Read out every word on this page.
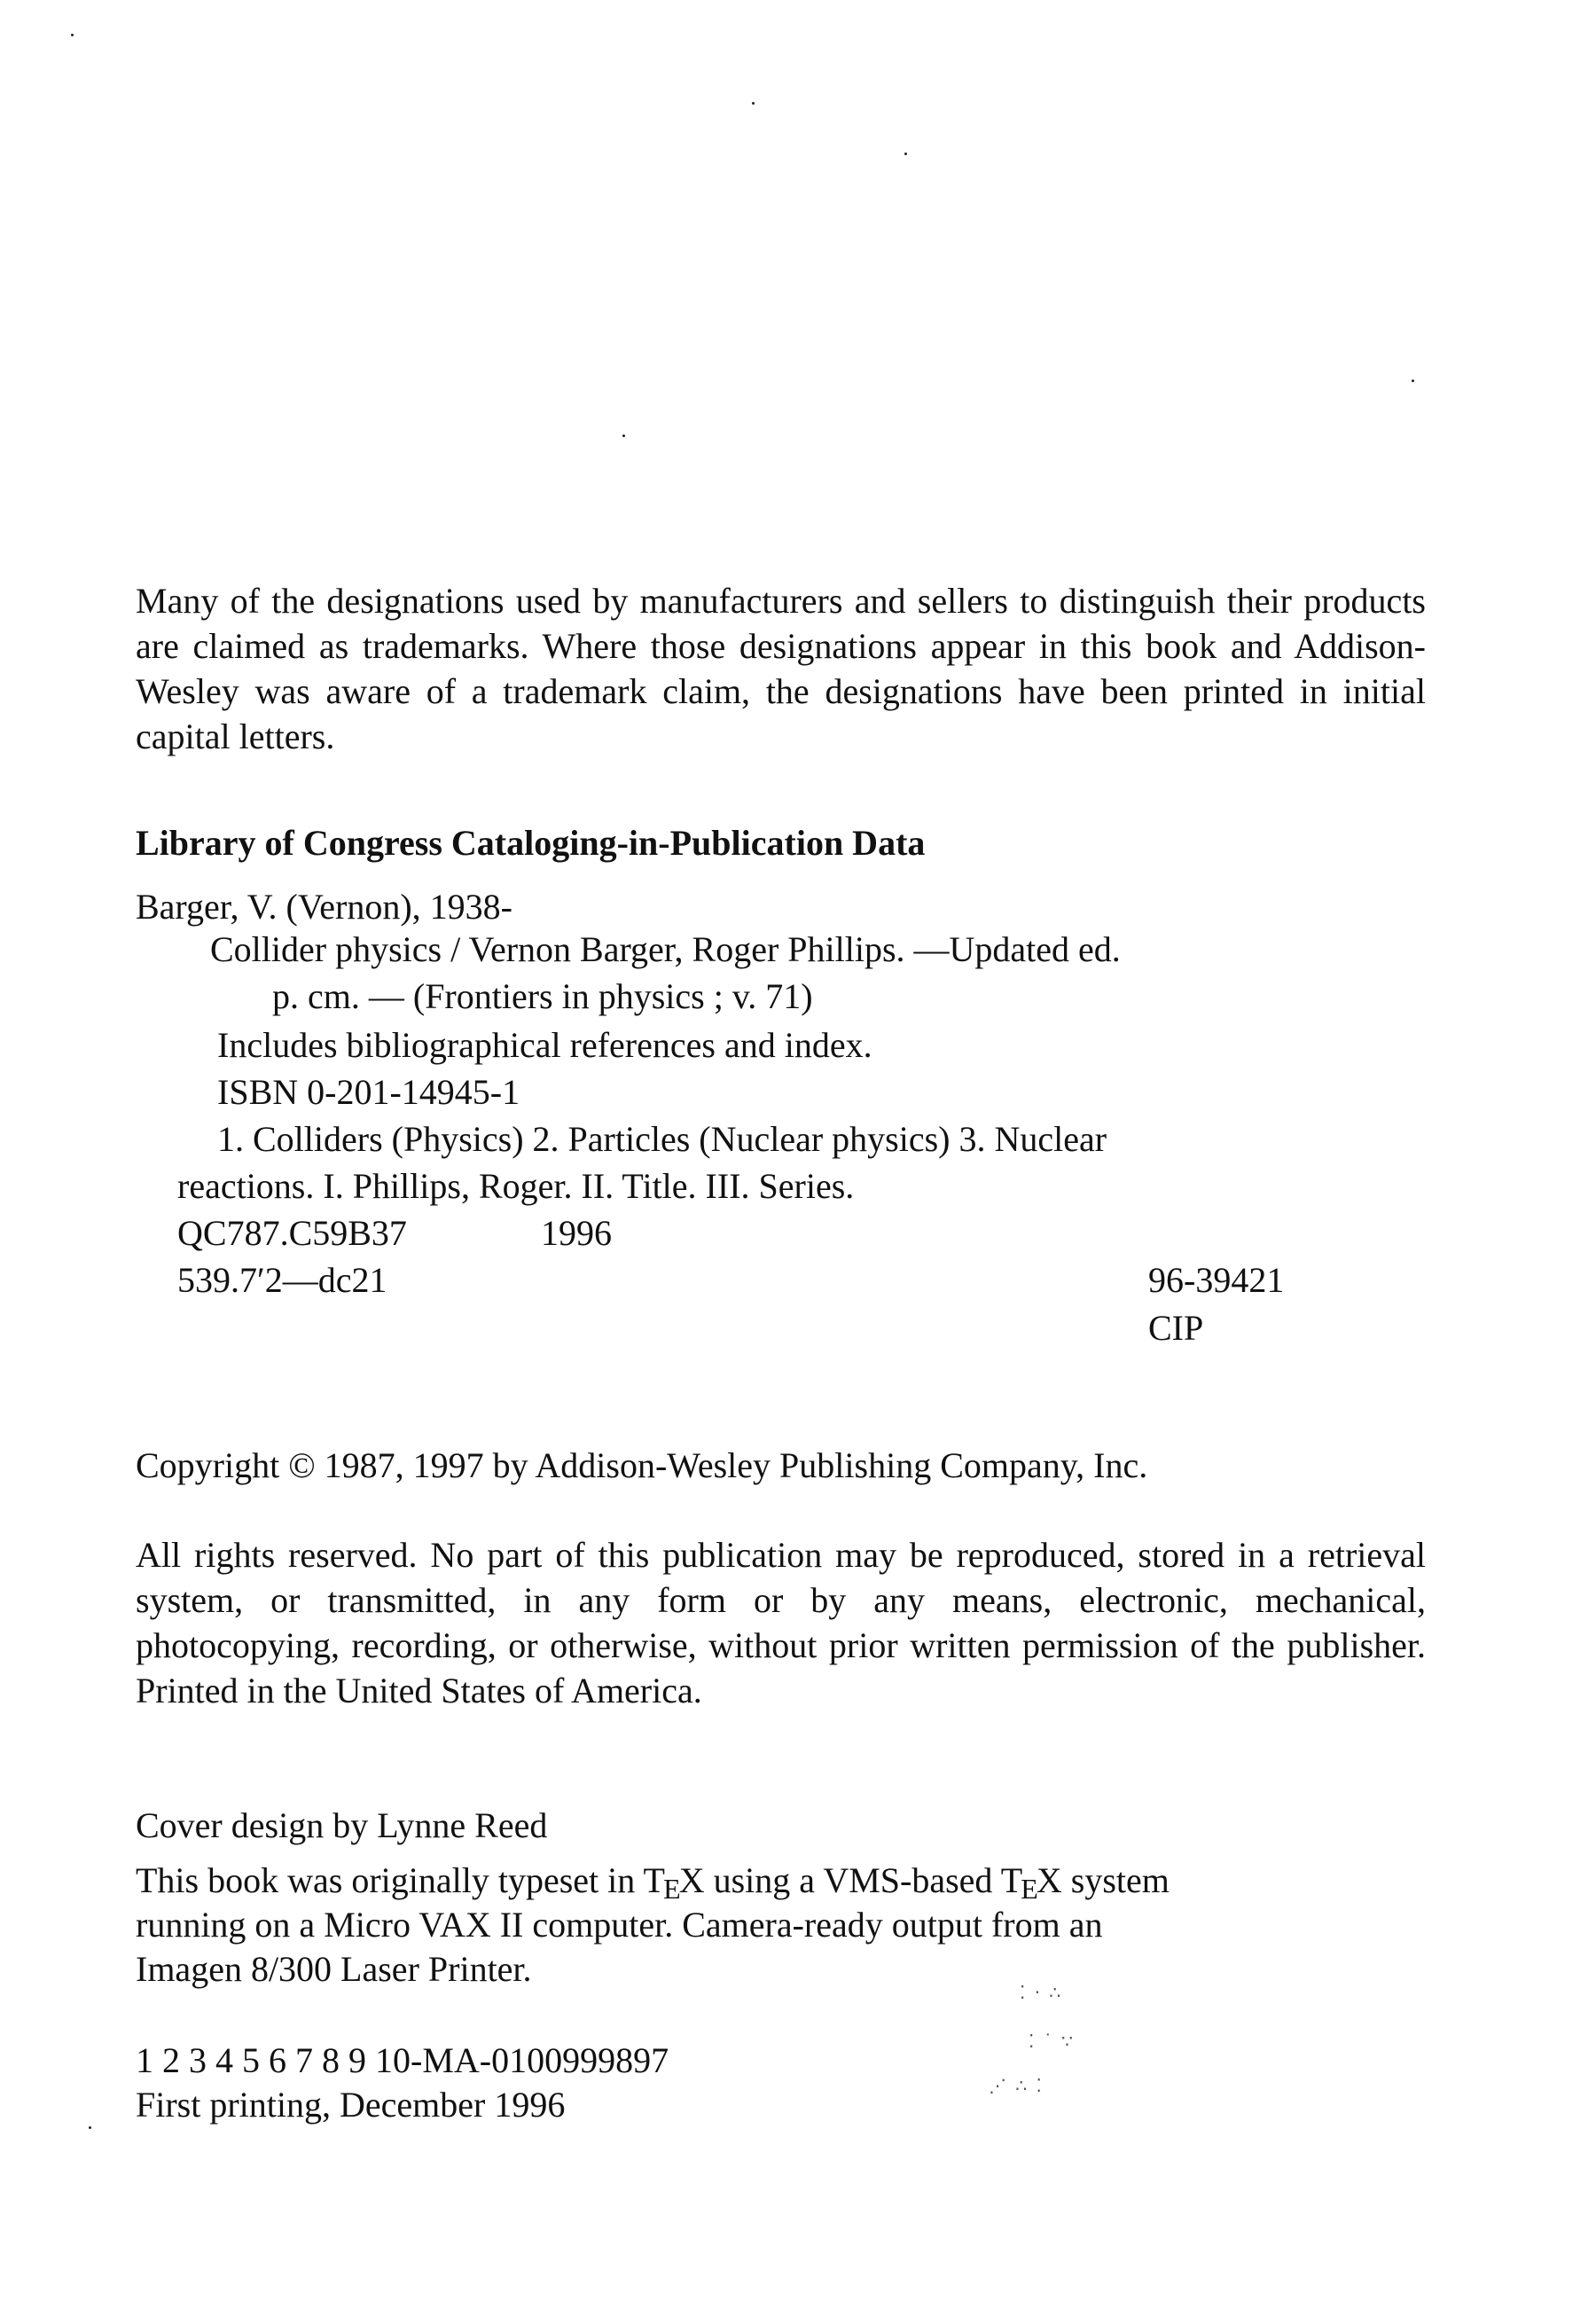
Many of the designations used by manufacturers and sellers to distinguish their products are claimed as trademarks. Where those designations appear in this book and Addison-Wesley was aware of a trademark claim, the designations have been printed in initial capital letters.

Library of Congress Cataloging-in-Publication Data
Barger, V. (Vernon), 1938-
Collider physics / Vernon Barger, Roger Phillips. —Updated ed.
p. cm. — (Frontiers in physics ; v. 71)
Includes bibliographical references and index.
ISBN 0-201-14945-1
1. Colliders (Physics) 2. Particles (Nuclear physics) 3. Nuclear
reactions. I. Phillips, Roger. II. Title. III. Series.
QC787.C59B37	1996
539.7′2—dc21	96-39421
CIP
Copyright © 1987, 1997 by Addison-Wesley Publishing Company, Inc.

All rights reserved. No part of this publication may be reproduced, stored in a retrieval system, or transmitted, in any form or by any means, electronic, mechanical, photocopying, recording, or otherwise, without prior written permission of the publisher. Printed in the United States of America.

Cover design by Lynne Reed
This book was originally typeset in TEX using a VMS-based TEX system
running on a Micro VAX II computer. Camera-ready output from an
Imagen 8/300 Laser Printer.
⁚ · ∴
⁚ ˙ ∵
⋰ ∴ ⁚
1 2 3 4 5 6 7 8 9 10-MA-0100999897
First printing, December 1996
